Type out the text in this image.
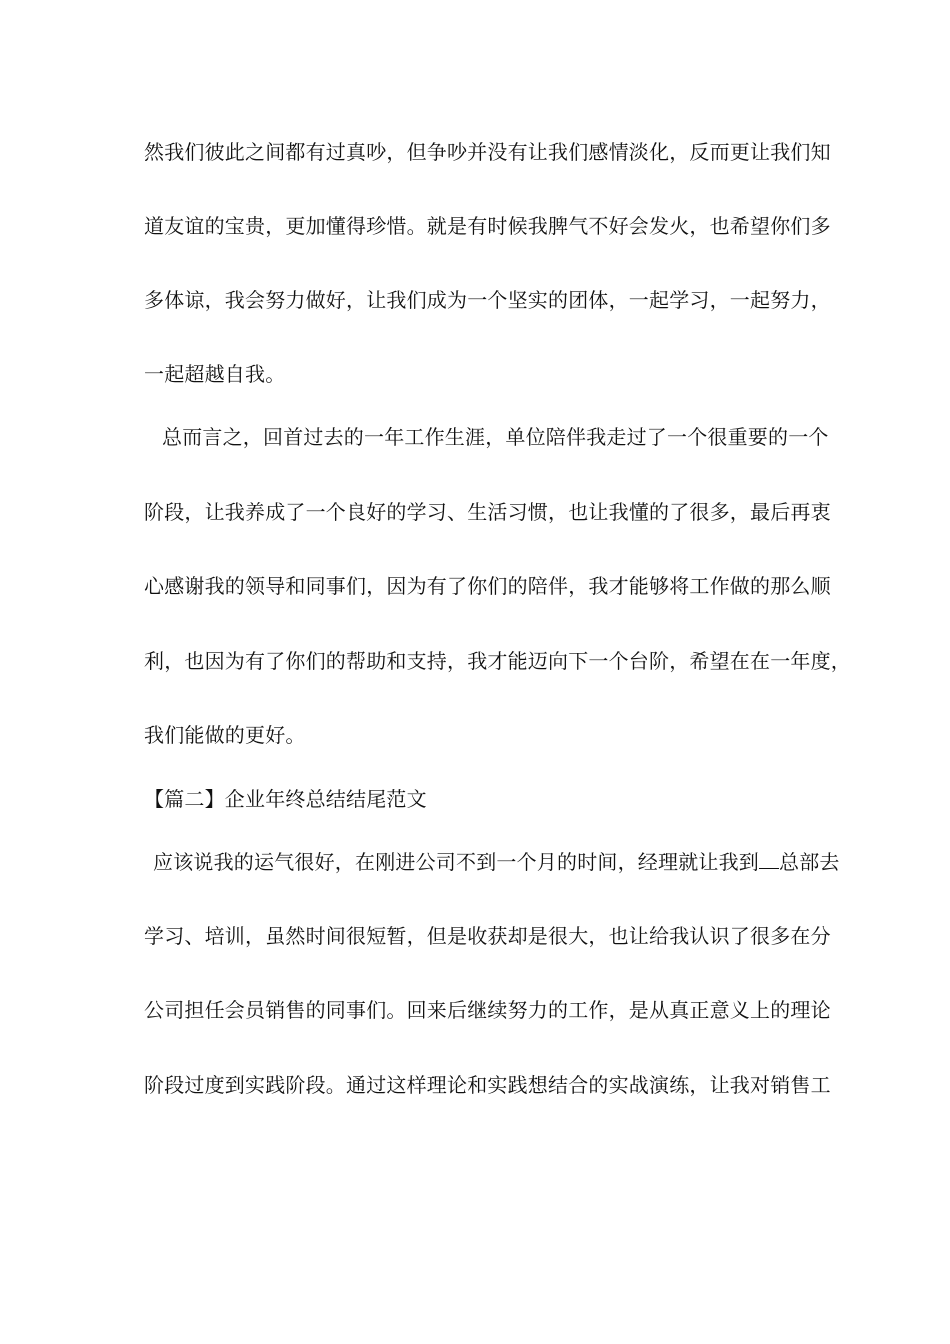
然我们彼此之间都有过真吵，但争吵并没有让我们感情淡化，反而更让我们知
道友谊的宝贵，更加懂得珍惜。就是有时候我脾气不好会发火，也希望你们多
多体谅，我会努力做好，让我们成为一个坚实的团体，一起学习，一起努力，
一起超越自我。
总而言之，回首过去的一年工作生涯，单位陪伴我走过了一个很重要的一个
阶段，让我养成了一个良好的学习、生活习惯，也让我懂的了很多，最后再衷
心感谢我的领导和同事们，因为有了你们的陪伴，我才能够将工作做的那么顺
利，也因为有了你们的帮助和支持，我才能迈向下一个台阶，希望在在一年度，
我们能做的更好。
【篇二】企业年终总结结尾范文
应该说我的运气很好，在刚进公司不到一个月的时间，经理就让我到 总部去
学习、培训，虽然时间很短暂，但是收获却是很大，也让给我认识了很多在分
公司担任会员销售的同事们。回来后继续努力的工作，是从真正意义上的理论
阶段过度到实践阶段。通过这样理论和实践想结合的实战演练，让我对销售工
